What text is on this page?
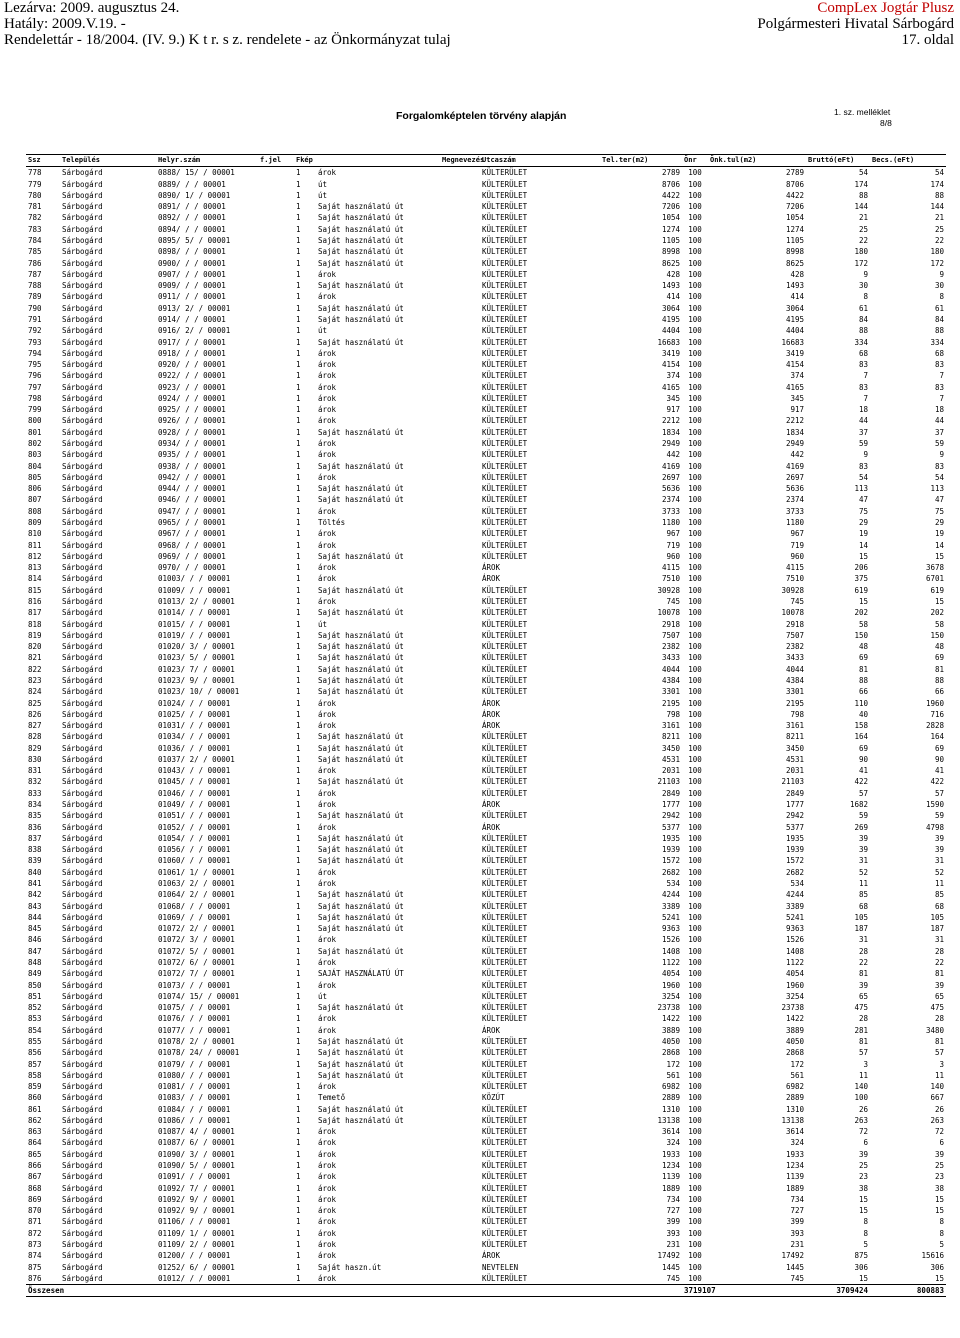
Lezárva: 2009. augusztus 24.
Hatály: 2009.V.19. -
Rendelettár - 18/2004. (IV. 9.) K t r. s z. rendelete - az Önkormányzat tulaj
CompLex Jogtár Plusz
Polgármesteri Hivatal Sárbogárd
17. oldal
Forgalomképtelen törvény alapján	1. sz. melléklet
8/8
Ssz	Település	Helyr.szám	f.jel	Fkép		Megnevezés	Utcaszám	Tel.ter(m2)	Önr	Önk.tul(m2)	Bruttó(eFt)	Becs.(eFt)	
778	Sárbogárd	0888/ 15/ / 00001		1	árok		KÜLTERÜLET	2789	100	2789	54	54	
779	Sárbogárd	0889/ / / 00001		1	út		KÜLTERÜLET	8706	100	8706	174	174	
780	Sárbogárd	0890/ 1/ / 00001		1	út		KÜLTERÜLET	4422	100	4422	88	88	
781	Sárbogárd	0891/ / / 00001		1	Saját használatú út		KÜLTERÜLET	7206	100	7206	144	144	
782	Sárbogárd	0892/ / / 00001		1	Saját használatú út		KÜLTERÜLET	1054	100	1054	21	21	
783	Sárbogárd	0894/ / / 00001		1	Saját használatú út		KÜLTERÜLET	1274	100	1274	25	25	
784	Sárbogárd	0895/ 5/ / 00001		1	Saját használatú út		KÜLTERÜLET	1105	100	1105	22	22	
785	Sárbogárd	0898/ / / 00001		1	Saját használatú út		KÜLTERÜLET	8998	100	8998	180	180	
786	Sárbogárd	0900/ / / 00001		1	Saját használatú út		KÜLTERÜLET	8625	100	8625	172	172	
787	Sárbogárd	0907/ / / 00001		1	árok		KÜLTERÜLET	428	100	428	9	9	
788	Sárbogárd	0909/ / / 00001		1	Saját használatú út		KÜLTERÜLET	1493	100	1493	30	30	
789	Sárbogárd	0911/ / / 00001		1	árok		KÜLTERÜLET	414	100	414	8	8	
790	Sárbogárd	0913/ 2/ / 00001		1	Saját használatú út		KÜLTERÜLET	3064	100	3064	61	61	
791	Sárbogárd	0914/ / / 00001		1	Saját használatú út		KÜLTERÜLET	4195	100	4195	84	84	
792	Sárbogárd	0916/ 2/ / 00001		1	út		KÜLTERÜLET	4404	100	4404	88	88	
793	Sárbogárd	0917/ / / 00001		1	Saját használatú út		KÜLTERÜLET	16683	100	16683	334	334	
794	Sárbogárd	0918/ / / 00001		1	árok		KÜLTERÜLET	3419	100	3419	68	68	
795	Sárbogárd	0920/ / / 00001		1	árok		KÜLTERÜLET	4154	100	4154	83	83	
796	Sárbogárd	0922/ / / 00001		1	árok		KÜLTERÜLET	374	100	374	7	7	
797	Sárbogárd	0923/ / / 00001		1	árok		KÜLTERÜLET	4165	100	4165	83	83	
798	Sárbogárd	0924/ / / 00001		1	árok		KÜLTERÜLET	345	100	345	7	7	
799	Sárbogárd	0925/ / / 00001		1	árok		KÜLTERÜLET	917	100	917	18	18	
800	Sárbogárd	0926/ / / 00001		1	árok		KÜLTERÜLET	2212	100	2212	44	44	
801	Sárbogárd	0928/ / / 00001		1	Saját használatú út		KÜLTERÜLET	1834	100	1834	37	37	
802	Sárbogárd	0934/ / / 00001		1	árok		KÜLTERÜLET	2949	100	2949	59	59	
803	Sárbogárd	0935/ / / 00001		1	árok		KÜLTERÜLET	442	100	442	9	9	
804	Sárbogárd	0938/ / / 00001		1	Saját használatú út		KÜLTERÜLET	4169	100	4169	83	83	
805	Sárbogárd	0942/ / / 00001		1	árok		KÜLTERÜLET	2697	100	2697	54	54	
806	Sárbogárd	0944/ / / 00001		1	Saját használatú út		KÜLTERÜLET	5636	100	5636	113	113	
807	Sárbogárd	0946/ / / 00001		1	Saját használatú út		KÜLTERÜLET	2374	100	2374	47	47	
808	Sárbogárd	0947/ / / 00001		1	árok		KÜLTERÜLET	3733	100	3733	75	75	
809	Sárbogárd	0965/ / / 00001		1	Töltés		KÜLTERÜLET	1180	100	1180	29	29	
810	Sárbogárd	0967/ / / 00001		1	árok		KÜLTERÜLET	967	100	967	19	19	
811	Sárbogárd	0968/ / / 00001		1	árok		KÜLTERÜLET	719	100	719	14	14	
812	Sárbogárd	0969/ / / 00001		1	Saját használatú út		KÜLTERÜLET	960	100	960	15	15	
813	Sárbogárd	0970/ / / 00001		1	árok		ÁROK	4115	100	4115	206	3678	
814	Sárbogárd	01003/ / / 00001		1	árok		ÁROK	7510	100	7510	375	6701	
815	Sárbogárd	01009/ / / 00001		1	Saját használatú út		KÜLTERÜLET	30928	100	30928	619	619	
816	Sárbogárd	01013/ 2/ / 00001		1	árok		KÜLTERÜLET	745	100	745	15	15	
817	Sárbogárd	01014/ / / 00001		1	Saját használatú út		KÜLTERÜLET	10078	100	10078	202	202	
818	Sárbogárd	01015/ / / 00001		1	út		KÜLTERÜLET	2918	100	2918	58	58	
819	Sárbogárd	01019/ / / 00001		1	Saját használatú út		KÜLTERÜLET	7507	100	7507	150	150	
820	Sárbogárd	01020/ 3/ / 00001		1	Saját használatú út		KÜLTERÜLET	2382	100	2382	48	48	
821	Sárbogárd	01023/ 5/ / 00001		1	Saját használatú út		KÜLTERÜLET	3433	100	3433	69	69	
822	Sárbogárd	01023/ 7/ / 00001		1	Saját használatú út		KÜLTERÜLET	4044	100	4044	81	81	
823	Sárbogárd	01023/ 9/ / 00001		1	Saját használatú út		KÜLTERÜLET	4384	100	4384	88	88	
824	Sárbogárd	01023/ 10/ / 00001		1	Saját használatú út		KÜLTERÜLET	3301	100	3301	66	66	
825	Sárbogárd	01024/ / / 00001		1	árok		ÁROK	2195	100	2195	110	1960	
826	Sárbogárd	01025/ / / 00001		1	árok		ÁROK	798	100	798	40	716	
827	Sárbogárd	01031/ / / 00001		1	árok		ÁROK	3161	100	3161	158	2828	
828	Sárbogárd	01034/ / / 00001		1	Saját használatú út		KÜLTERÜLET	8211	100	8211	164	164	
829	Sárbogárd	01036/ / / 00001		1	Saját használatú út		KÜLTERÜLET	3450	100	3450	69	69	
830	Sárbogárd	01037/ 2/ / 00001		1	Saját használatú út		KÜLTERÜLET	4531	100	4531	90	90	
831	Sárbogárd	01043/ / / 00001		1	árok		KÜLTERÜLET	2031	100	2031	41	41	
832	Sárbogárd	01045/ / / 00001		1	Saját használatú út		KÜLTERÜLET	21103	100	21103	422	422	
833	Sárbogárd	01046/ / / 00001		1	árok		KÜLTERÜLET	2849	100	2849	57	57	
834	Sárbogárd	01049/ / / 00001		1	árok		ÁROK	1777	100	1777	1682	1590	
835	Sárbogárd	01051/ / / 00001		1	Saját használatú út		KÜLTERÜLET	2942	100	2942	59	59	
836	Sárbogárd	01052/ / / 00001		1	árok		ÁROK	5377	100	5377	269	4798	
837	Sárbogárd	01054/ / / 00001		1	Saját használatú út		KÜLTERÜLET	1935	100	1935	39	39	
838	Sárbogárd	01056/ / / 00001		1	Saját használatú út		KÜLTERÜLET	1939	100	1939	39	39	
839	Sárbogárd	01060/ / / 00001		1	Saját használatú út		KÜLTERÜLET	1572	100	1572	31	31	
840	Sárbogárd	01061/ 1/ / 00001		1	árok		KÜLTERÜLET	2682	100	2682	52	52	
841	Sárbogárd	01063/ 2/ / 00001		1	árok		KÜLTERÜLET	534	100	534	11	11	
842	Sárbogárd	01064/ 2/ / 00001		1	Saját használatú út		KÜLTERÜLET	4244	100	4244	85	85	
843	Sárbogárd	01068/ / / 00001		1	Saját használatú út		KÜLTERÜLET	3389	100	3389	68	68	
844	Sárbogárd	01069/ / / 00001		1	Saját használatú út		KÜLTERÜLET	5241	100	5241	105	105	
845	Sárbogárd	01072/ 2/ / 00001		1	Saját használatú út		KÜLTERÜLET	9363	100	9363	187	187	
846	Sárbogárd	01072/ 3/ / 00001		1	árok		KÜLTERÜLET	1526	100	1526	31	31	
847	Sárbogárd	01072/ 5/ / 00001		1	Saját használatú út		KÜLTERÜLET	1408	100	1408	28	28	
848	Sárbogárd	01072/ 6/ / 00001		1	árok		KÜLTERÜLET	1122	100	1122	22	22	
849	Sárbogárd	01072/ 7/ / 00001		1	SAJÁT HASZNÁLATÚ ÚT		KÜLTERÜLET	4054	100	4054	81	81	
850	Sárbogárd	01073/ / / 00001		1	árok		KÜLTERÜLET	1960	100	1960	39	39	
851	Sárbogárd	01074/ 15/ / 00001		1	út		KÜLTERÜLET	3254	100	3254	65	65	
852	Sárbogárd	01075/ / / 00001		1	Saját használatú út		KÜLTERÜLET	23738	100	23738	475	475	
853	Sárbogárd	01076/ / / 00001		1	árok		KÜLTERÜLET	1422	100	1422	28	28	
854	Sárbogárd	01077/ / / 00001		1	árok		ÁROK	3889	100	3889	281	3480	
855	Sárbogárd	01078/ 2/ / 00001		1	Saját használatú út		KÜLTERÜLET	4050	100	4050	81	81	
856	Sárbogárd	01078/ 24/ / 00001		1	Saját használatú út		KÜLTERÜLET	2868	100	2868	57	57	
857	Sárbogárd	01079/ / / 00001		1	Saját használatú út		KÜLTERÜLET	172	100	172	3	3	
858	Sárbogárd	01080/ / / 00001		1	Saját használatú út		KÜLTERÜLET	561	100	561	11	11	
859	Sárbogárd	01081/ / / 00001		1	árok		KÜLTERÜLET	6982	100	6982	140	140	
860	Sárbogárd	01083/ / / 00001		1	Temető		KÖZÚT	2889	100	2889	100	667	
861	Sárbogárd	01084/ / / 00001		1	Saját használatú út		KÜLTERÜLET	1310	100	1310	26	26	
862	Sárbogárd	01086/ / / 00001		1	Saját használatú út		KÜLTERÜLET	13138	100	13138	263	263	
863	Sárbogárd	01087/ 4/ / 00001		1	árok		KÜLTERÜLET	3614	100	3614	72	72	
864	Sárbogárd	01087/ 6/ / 00001		1	árok		KÜLTERÜLET	324	100	324	6	6	
865	Sárbogárd	01090/ 3/ / 00001		1	árok		KÜLTERÜLET	1933	100	1933	39	39	
866	Sárbogárd	01090/ 5/ / 00001		1	árok		KÜLTERÜLET	1234	100	1234	25	25	
867	Sárbogárd	01091/ / / 00001		1	árok		KÜLTERÜLET	1139	100	1139	23	23	
868	Sárbogárd	01092/ 7/ / 00001		1	árok		KÜLTERÜLET	1889	100	1889	38	38	
869	Sárbogárd	01092/ 9/ / 00001		1	árok		KÜLTERÜLET	734	100	734	15	15	
870	Sárbogárd	01092/ 9/ / 00001		1	árok		KÜLTERÜLET	727	100	727	15	15	
871	Sárbogárd	01106/ / / 00001		1	árok		KÜLTERÜLET	399	100	399	8	8	
872	Sárbogárd	01109/ 1/ / 00001		1	árok		KÜLTERÜLET	393	100	393	8	8	
873	Sárbogárd	01109/ 2/ / 00001		1	árok		KÜLTERÜLET	231	100	231	5	5	
874	Sárbogárd	01200/ / / 00001		1	árok		ÁROK	17492	100	17492	875	15616	
875	Sárbogárd	01252/ 6/ / 00001		1	Saját haszn.út		NEVTELEN	1445	100	1445	306	306	
876	Sárbogárd	01012/ / / 00001		1	árok		KÜLTERÜLET	745	100	745	15	15	
Összesen									3719107		3709424	800883	
